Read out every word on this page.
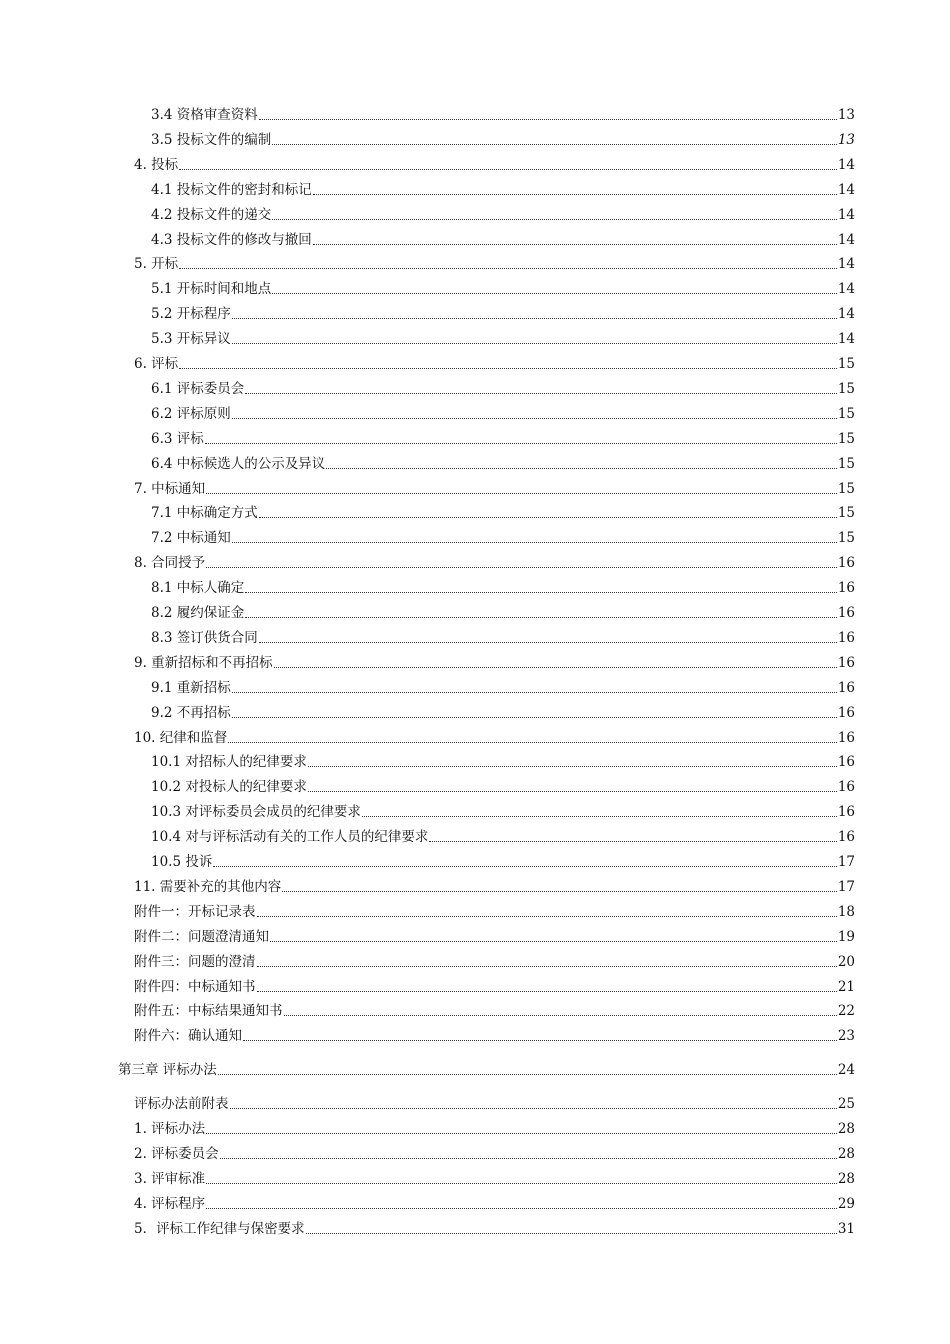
3.4 资格审查资料	13
3.5 投标文件的编制	13
4. 投标	14
4.1 投标文件的密封和标记	14
4.2 投标文件的递交	14
4.3 投标文件的修改与撤回	14
5. 开标	14
5.1 开标时间和地点	14
5.2 开标程序	14
5.3 开标异议	14
6. 评标	15
6.1 评标委员会	15
6.2 评标原则	15
6.3 评标	15
6.4 中标候选人的公示及异议	15
7. 中标通知	15
7.1 中标确定方式	15
7.2 中标通知	15
8. 合同授予	16
8.1 中标人确定	16
8.2 履约保证金	16
8.3 签订供货合同	16
9. 重新招标和不再招标	16
9.1 重新招标	16
9.2 不再招标	16
10. 纪律和监督	16
10.1 对招标人的纪律要求	16
10.2 对投标人的纪律要求	16
10.3 对评标委员会成员的纪律要求	16
10.4 对与评标活动有关的工作人员的纪律要求	16
10.5 投诉	17
11. 需要补充的其他内容	17
附件一：开标记录表	18
附件二：问题澄清通知	19
附件三：问题的澄清	20
附件四：中标通知书	21
附件五：中标结果通知书	22
附件六：确认通知	23
第三章 评标办法	24
评标办法前附表	25
1. 评标办法	28
2. 评标委员会	28
3. 评审标准	28
4. 评标程序	29
5．评标工作纪律与保密要求	31
